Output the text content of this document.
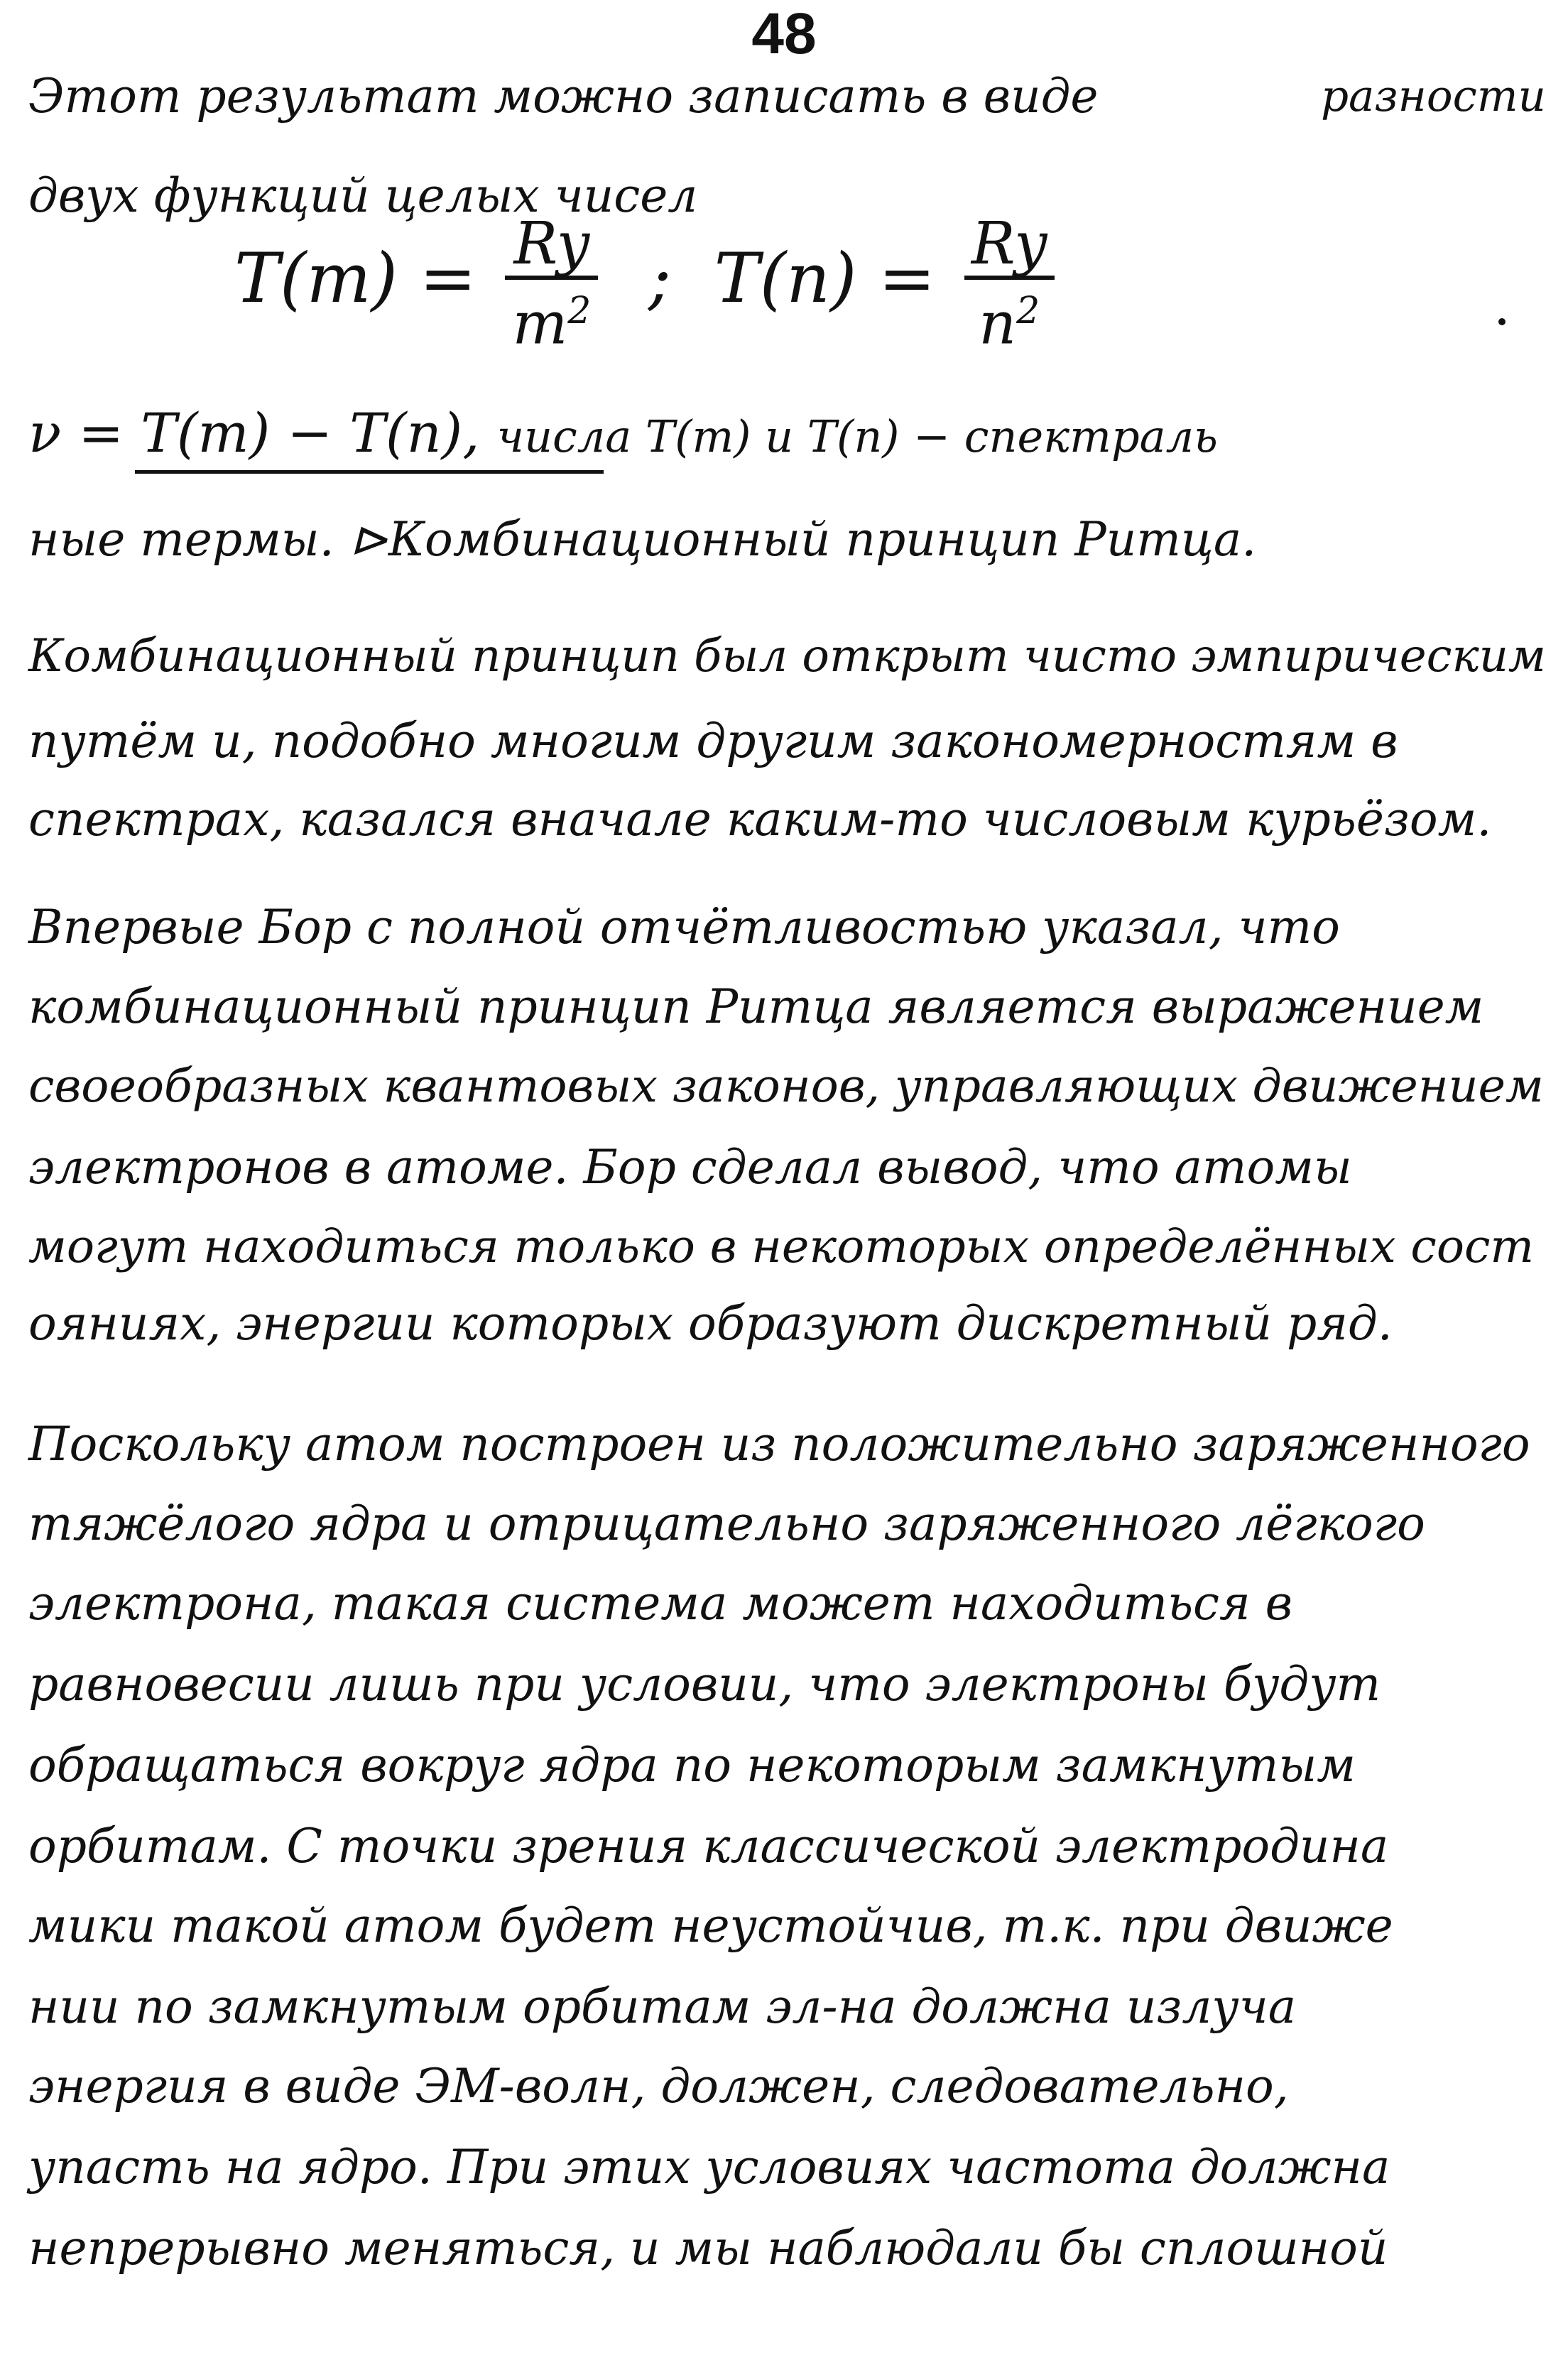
48
Этот результат можно записать в виде	разности
двух функций целых чисел
$T(m) = \frac{Ry}{m^2}$ ; $T(n) = \frac{Ry}{n^2}$
ν = T(m) − T(n), числа T(m) и T(n) − спектраль
ные термы. ⊳Комбинационный принцип Ритца.
Комбинационный принцип был открыт чисто эмпирическим
путём и, подобно многим другим закономерностям в
спектрах, казался вначале каким-то числовым курьёзом.
Впервые Бор с полной отчётливостью указал, что
комбинационный принцип Ритца является выражением
своеобразных квантовых законов, управляющих движением
электронов в атоме. Бор сделал вывод, что атомы
могут находиться только в некоторых определённых сост
ояниях, энергии которых образуют дискретный ряд.
Поскольку атом построен из положительно заряженного
тяжёлого ядра и отрицательно заряженного лёгкого
электрона, такая система может находиться в
равновесии лишь при условии, что электроны будут
обращаться вокруг ядра по некоторым замкнутым
орбитам. С точки зрения классической электродина
мики такой атом будет неустойчив, т.к. при движе
нии по замкнутым орбитам эл-на должна излуча
энергия в виде ЭМ-волн, должен, следовательно,
упасть на ядро. При этих условиях частота должна
непрерывно меняться, и мы наблюдали бы сплошной
